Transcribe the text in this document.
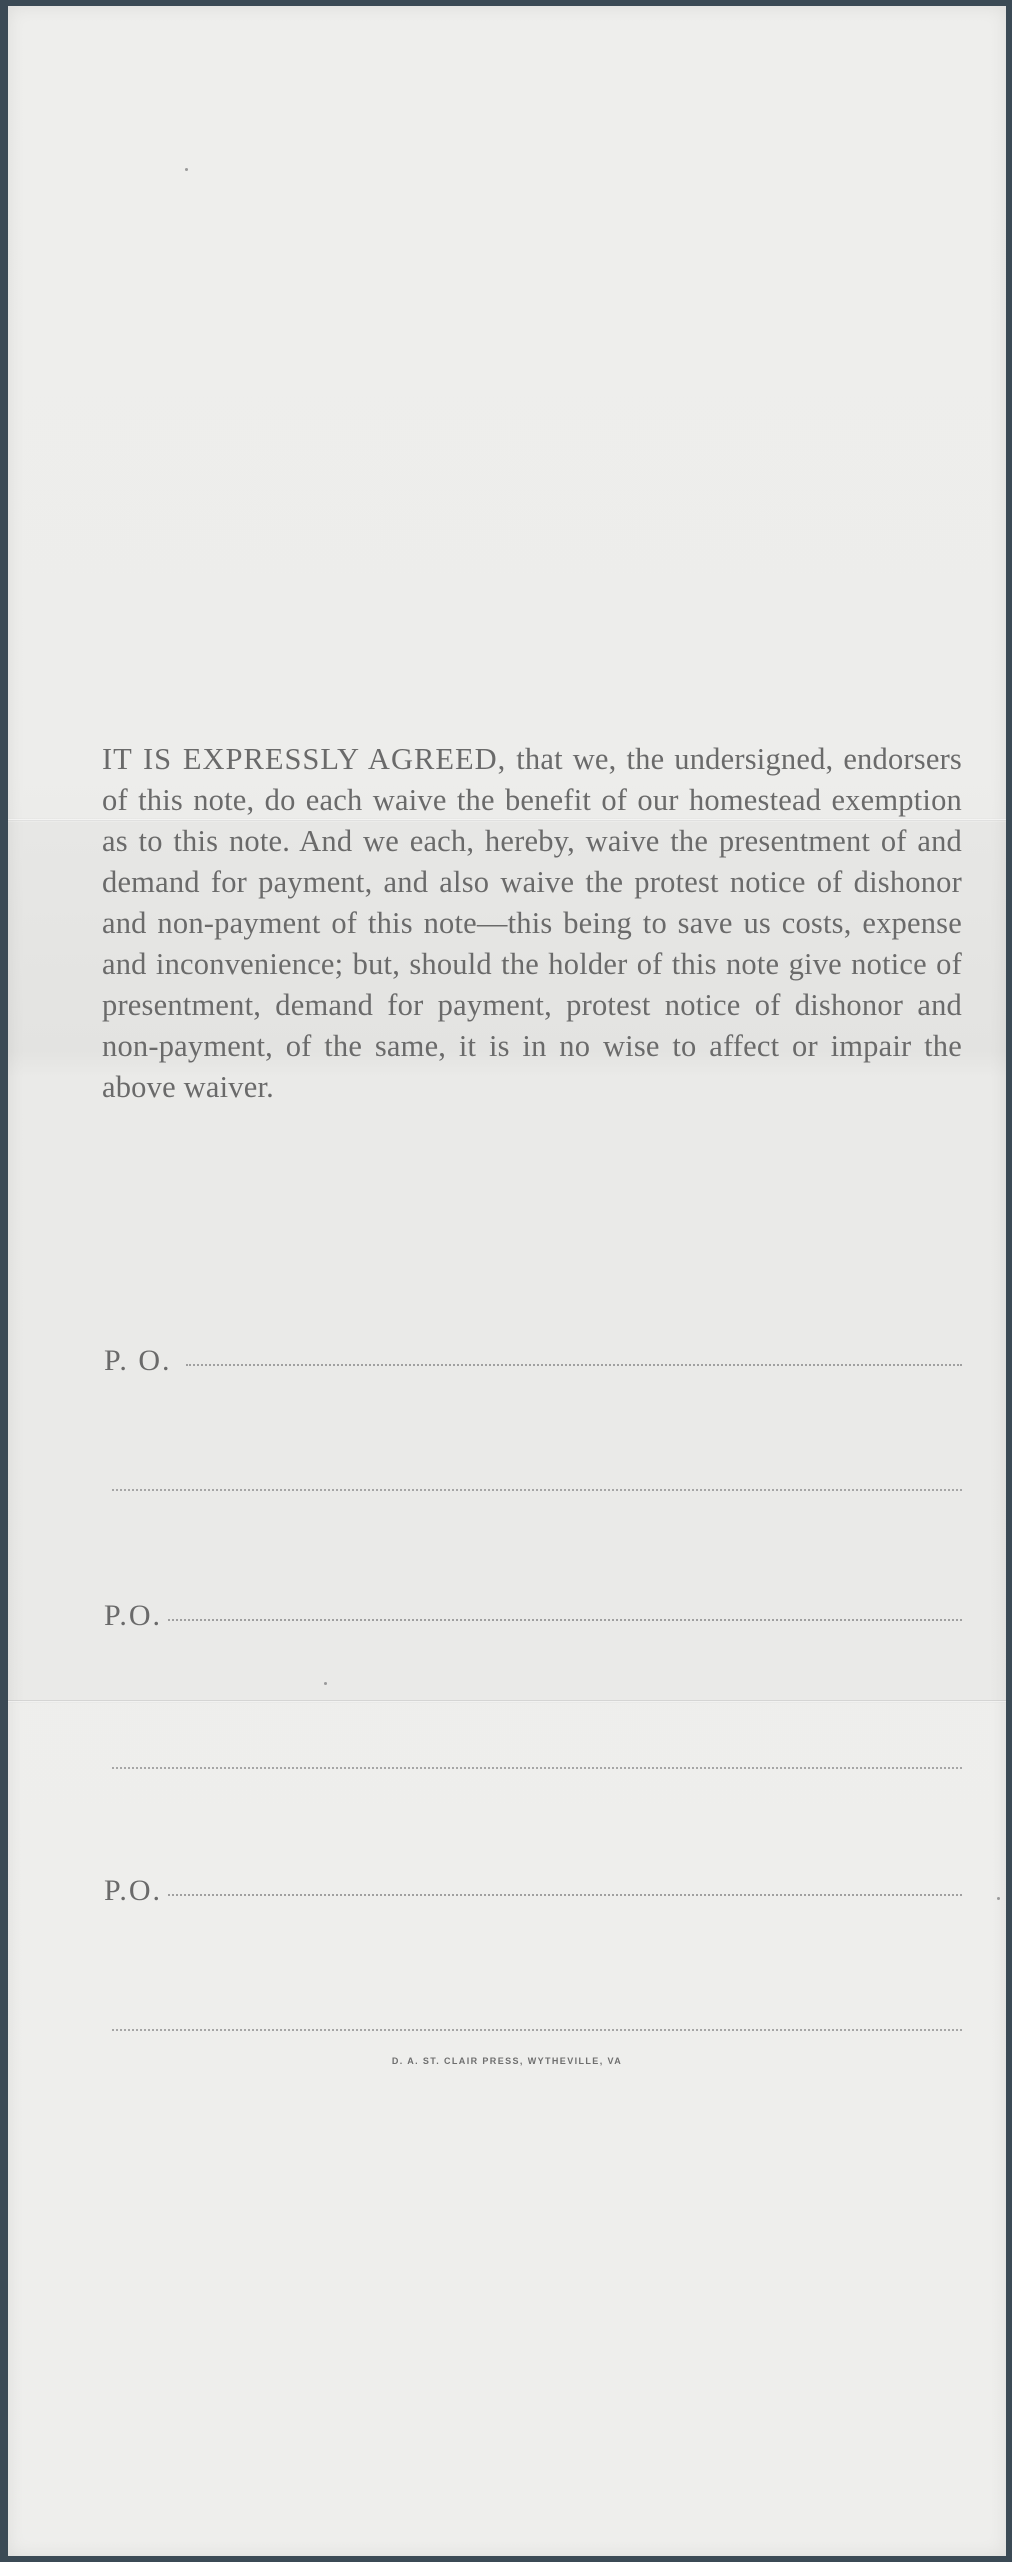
IT IS EXPRESSLY AGREED, that we, the undersigned, endorsers of this note, do each waive the benefit of our homestead exemption as to this note. And we each, hereby, waive the presentment of and demand for payment, and also waive the protest notice of dishonor and non-payment of this note—this being to save us costs, expense and inconvenience; but, should the holder of this note give notice of presentment, demand for payment, protest notice of dishonor and non-payment, of the same, it is in no wise to affect or impair the above waiver.

P. O.
P.O.
P.O.
D. A. ST. CLAIR PRESS, WYTHEVILLE, VA
